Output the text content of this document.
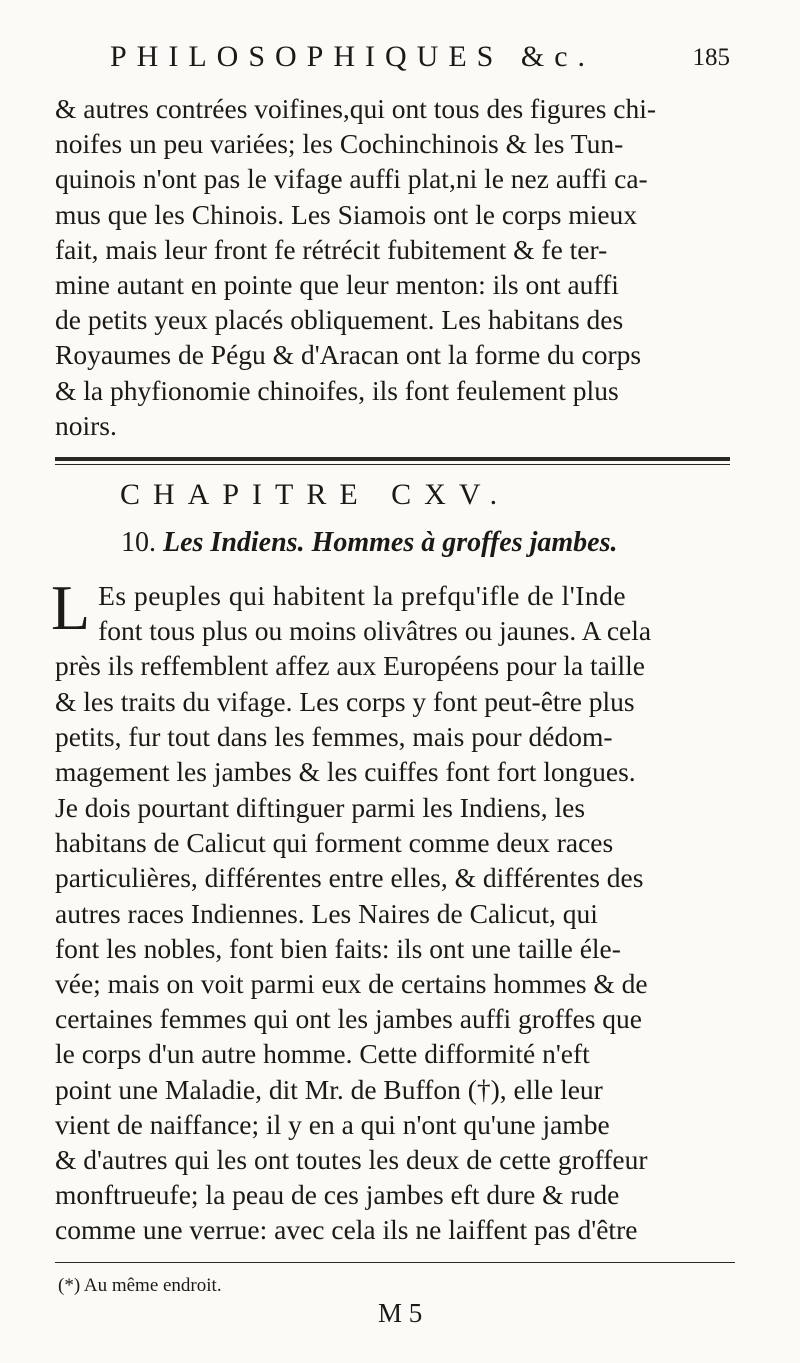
PHILOSOPHIQUES &c.	185

& autres contrées voifines,qui ont tous des figures chi-
noifes un peu variées; les Cochinchinois & les Tun-
quinois n'ont pas le vifage auffi plat,ni le nez auffi ca-
mus que les Chinois. Les Siamois ont le corps mieux
fait, mais leur front fe rétrécit fubitement & fe ter-
mine autant en pointe que leur menton: ils ont auffi
de petits yeux placés obliquement. Les habitans des
Royaumes de Pégu & d'Aracan ont la forme du corps
& la phyfionomie chinoifes, ils font feulement plus
noirs.

CHAPITRE CXV.
10. Les Indiens. Hommes à groffes jambes.

L Es peuples qui habitent la prefqu'ifle de l'Inde
font tous plus ou moins olivâtres ou jaunes. A cela
près ils reffemblent affez aux Européens pour la taille
& les traits du vifage. Les corps y font peut-être plus
petits, fur tout dans les femmes, mais pour dédom-
magement les jambes & les cuiffes font fort longues.

Je dois pourtant diftinguer parmi les Indiens, les
habitans de Calicut qui forment comme deux races
particulières, différentes entre elles, & différentes des
autres races Indiennes. Les Naires de Calicut, qui
font les nobles, font bien faits: ils ont une taille éle-
vée; mais on voit parmi eux de certains hommes & de
certaines femmes qui ont les jambes auffi groffes que
le corps d'un autre homme. Cette difformité n'eft
point une Maladie, dit Mr. de Buffon (†), elle leur
vient de naiffance; il y en a qui n'ont qu'une jambe
& d'autres qui les ont toutes les deux de cette groffeur
monftrueufe; la peau de ces jambes eft dure & rude
comme une verrue: avec cela ils ne laiffent pas d'être

(*) Au même endroit.
M 5
